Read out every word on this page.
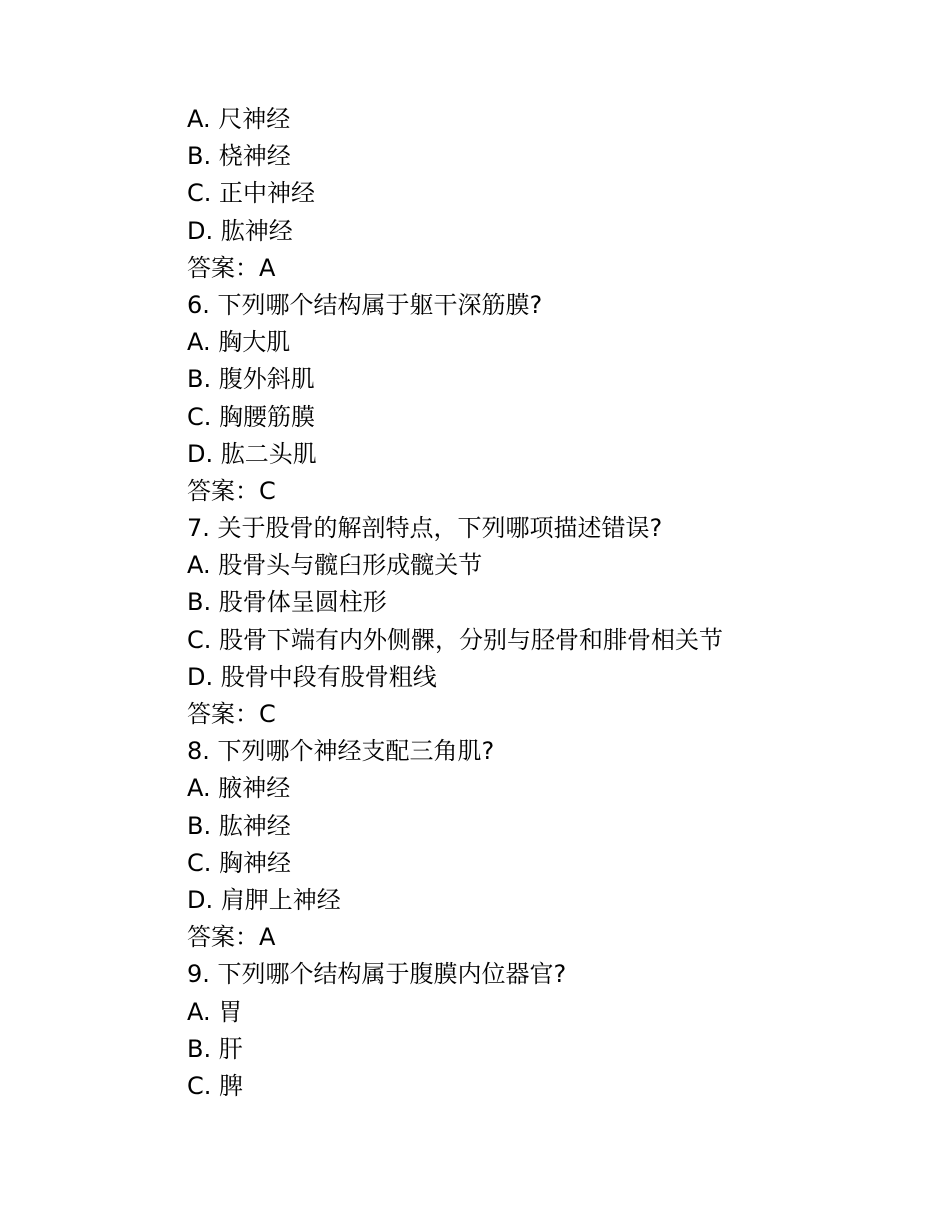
A. 尺神经
B. 桡神经
C. 正中神经
D. 肱神经
答案：A
6. 下列哪个结构属于躯干深筋膜?
A. 胸大肌
B. 腹外斜肌
C. 胸腰筋膜
D. 肱二头肌
答案：C
7. 关于股骨的解剖特点，下列哪项描述错误?
A. 股骨头与髋臼形成髋关节
B. 股骨体呈圆柱形
C. 股骨下端有内外侧髁，分别与胫骨和腓骨相关节
D. 股骨中段有股骨粗线
答案：C
8. 下列哪个神经支配三角肌?
A. 腋神经
B. 肱神经
C. 胸神经
D. 肩胛上神经
答案：A
9. 下列哪个结构属于腹膜内位器官?
A. 胃
B. 肝
C. 脾
